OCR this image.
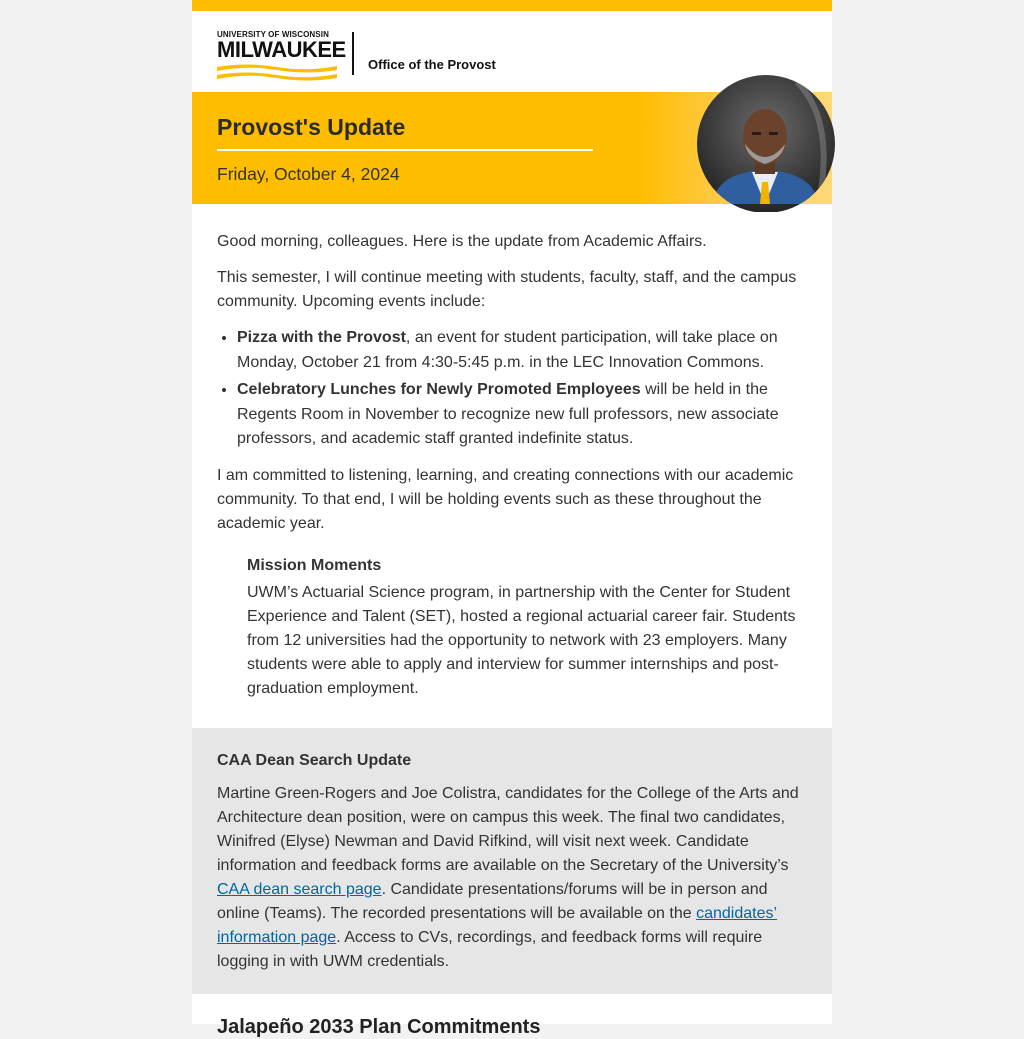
UNIVERSITY OF WISCONSIN
MILWAUKEE
Office of the Provost
Provost's Update
Friday, October 4, 2024

Good morning, colleagues. Here is the update from Academic Affairs.

This semester, I will continue meeting with students, faculty, staff, and the campus community. Upcoming events include:

• Pizza with the Provost, an event for student participation, will take place on Monday, October 21 from 4:30-5:45 p.m. in the LEC Innovation Commons.
• Celebratory Lunches for Newly Promoted Employees will be held in the Regents Room in November to recognize new full professors, new associate professors, and academic staff granted indefinite status.

I am committed to listening, learning, and creating connections with our academic community. To that end, I will be holding events such as these throughout the academic year.

Mission Moments
UWM’s Actuarial Science program, in partnership with the Center for Student Experience and Talent (SET), hosted a regional actuarial career fair. Students from 12 universities had the opportunity to network with 23 employers. Many students were able to apply and interview for summer internships and post-graduation employment.
CAA Dean Search Update
Martine Green-Rogers and Joe Colistra, candidates for the College of the Arts and Architecture dean position, were on campus this week. The final two candidates, Winifred (Elyse) Newman and David Rifkind, will visit next week. Candidate information and feedback forms are available on the Secretary of the University’s CAA dean search page. Candidate presentations/forums will be in person and online (Teams). The recorded presentations will be available on the candidates’ information page. Access to CVs, recordings, and feedback forms will require logging in with UWM credentials.
Jalapeño 2033 Plan Commitments
